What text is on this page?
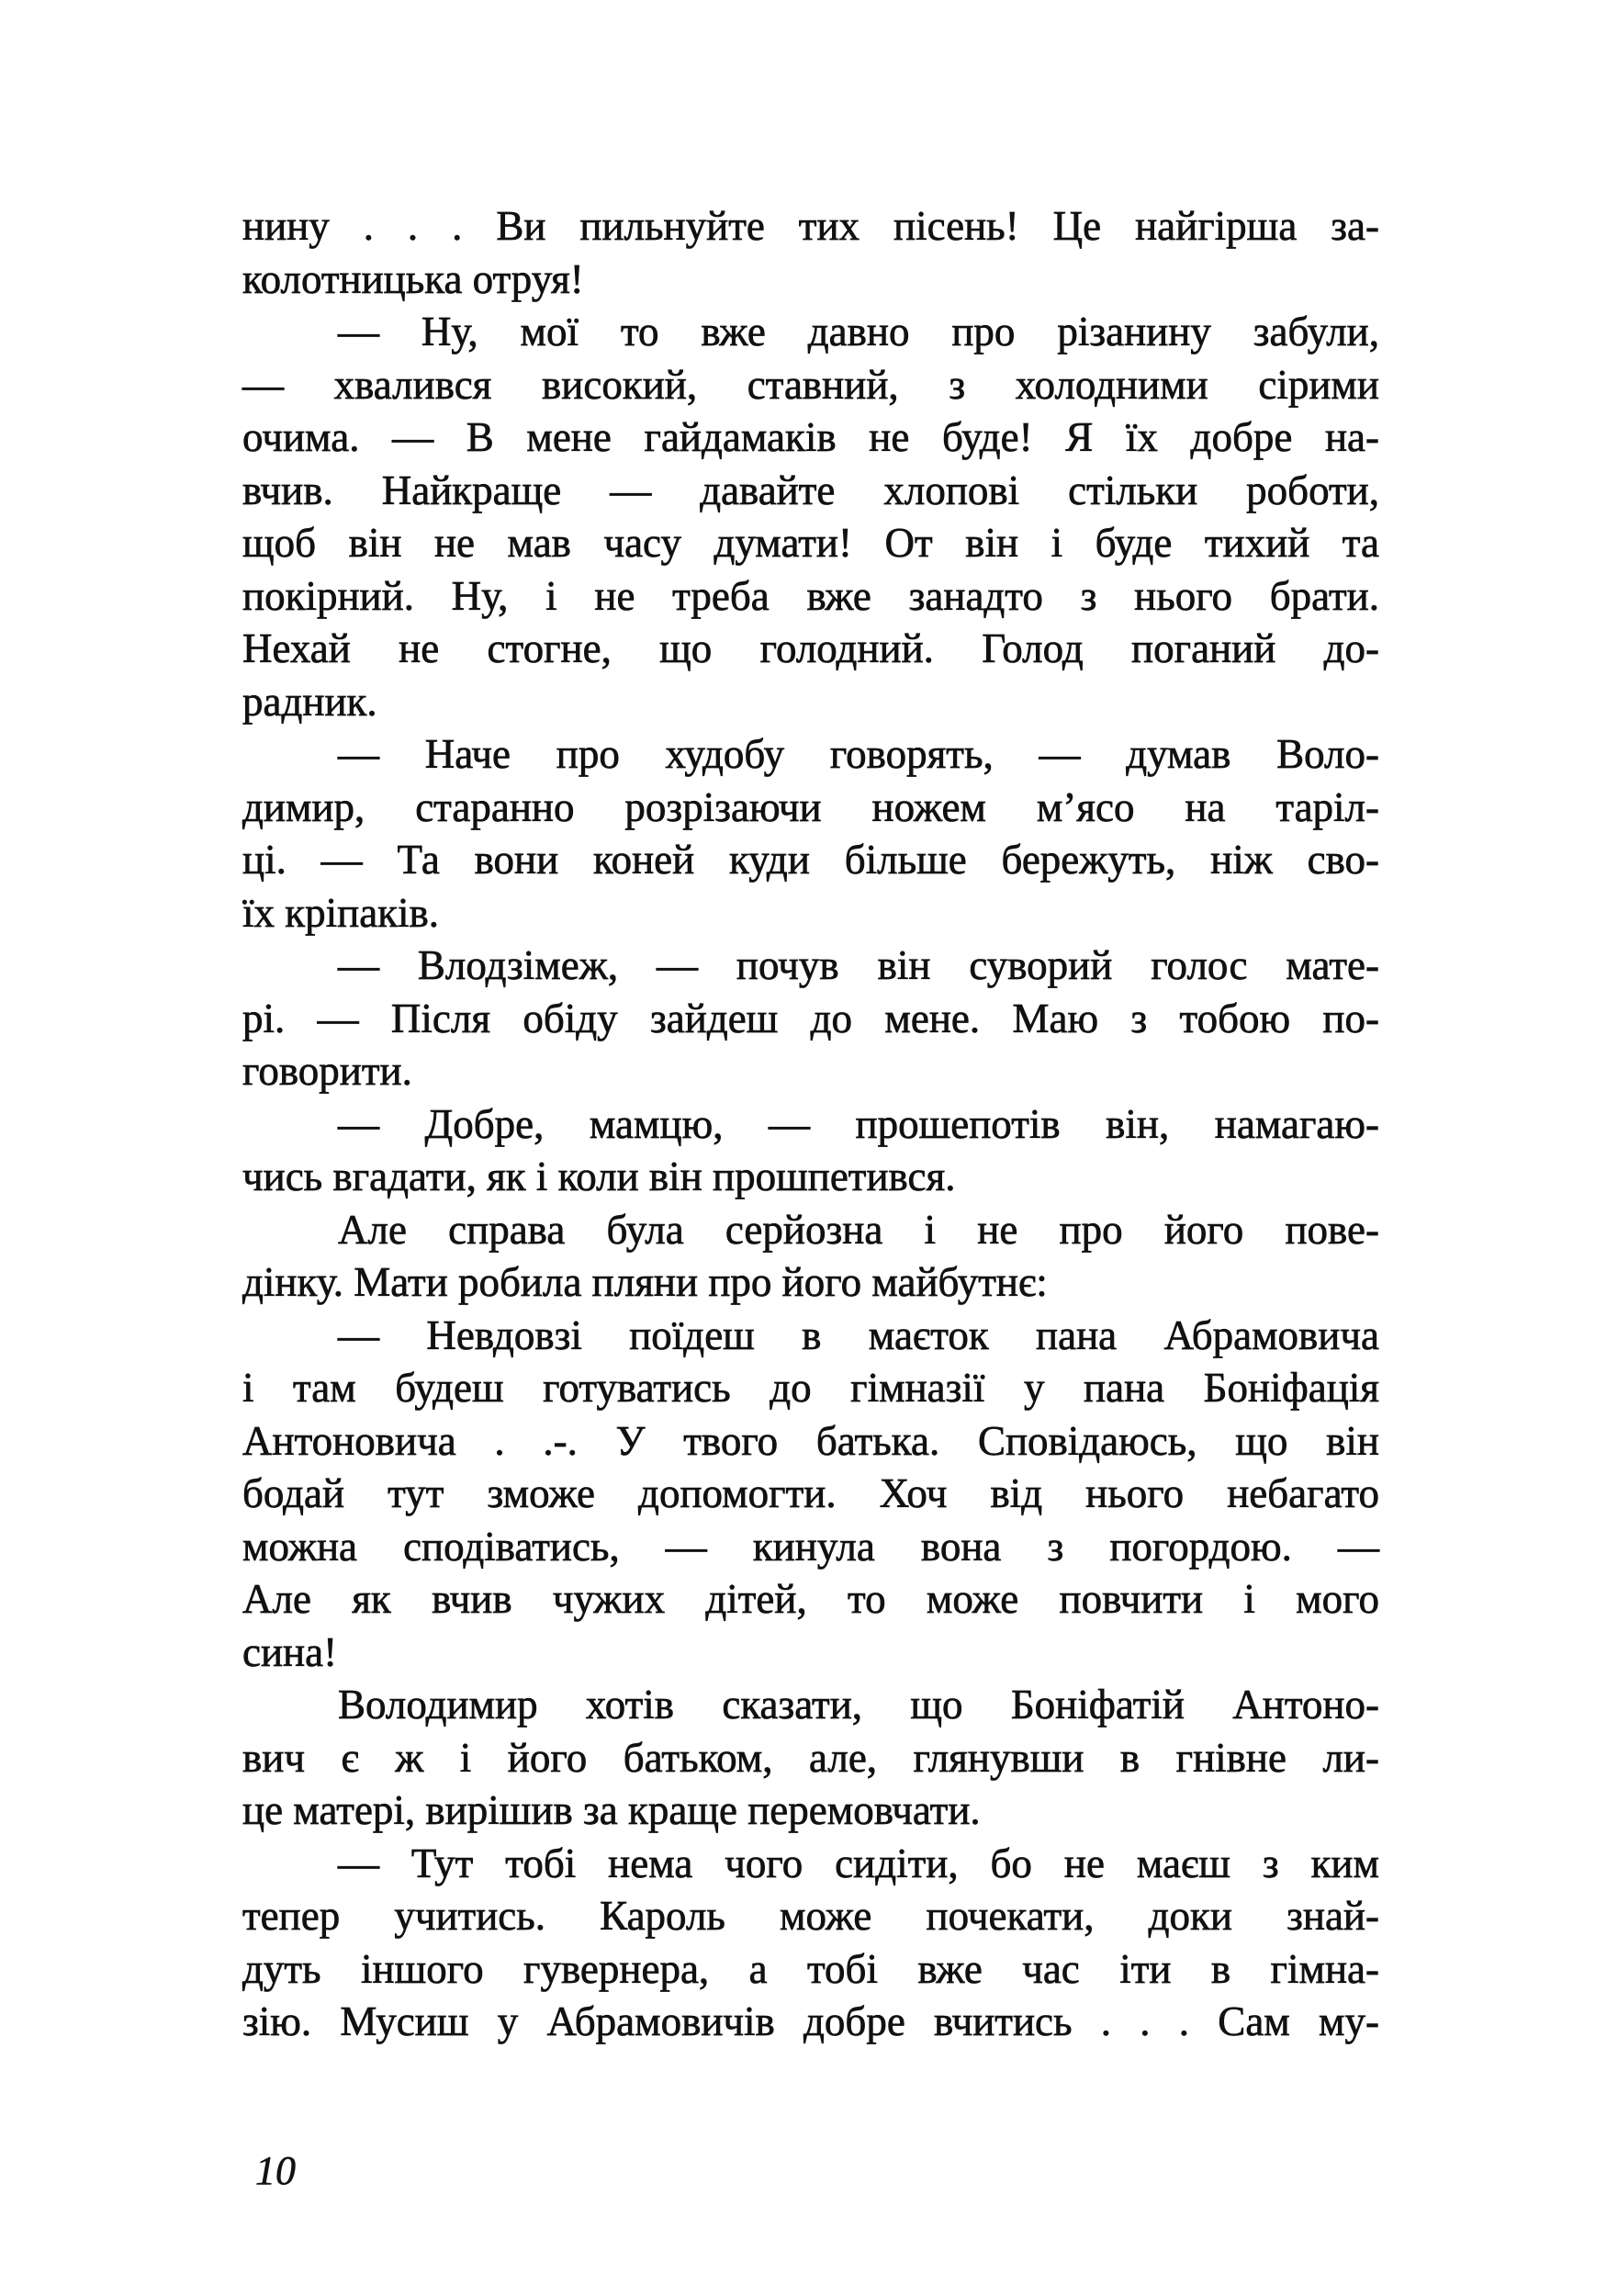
нину . . . Ви пильнуйте тих пісень! Це найгірша за-
колотницька отруя!
— Ну, мої то вже давно про різанину забули,
— хвалився високий, ставний, з холодними сірими
очима. — В мене гайдамаків не буде! Я їх добре на-
вчив. Найкраще — давайте хлопові стільки роботи,
щоб він не мав часу думати! От він і буде тихий та
покірний. Ну, і не треба вже занадто з нього брати.
Нехай не стогне, що голодний. Голод поганий до-
радник.
— Наче про худобу говорять, — думав Воло-
димир, старанно розрізаючи ножем м’ясо на таріл-
ці. — Та вони коней куди більше бережуть, ніж сво-
їх кріпаків.
— Влодзімеж, — почув він суворий голос мате-
рі. — Після обіду зайдеш до мене. Маю з тобою по-
говорити.
— Добре, мамцю, — прошепотів він, намагаю-
чись вгадати, як і коли він прошпетився.
Але справа була серйозна і не про його пове-
дінку. Мати робила пляни про його майбутнє:
— Невдовзі поїдеш в маєток пана Абрамовича
і там будеш готуватись до гімназії у пана Боніфація
Антоновича . .-. У твого батька. Сповідаюсь, що він
бодай тут зможе допомогти. Хоч від нього небагато
можна сподіватись, — кинула вона з погордою. —
Але як вчив чужих дітей, то може повчити і мого
сина!
Володимир хотів сказати, що Боніфатій Антоно-
вич є ж і його батьком, але, глянувши в гнівне ли-
це матері, вирішив за краще перемовчати.
— Тут тобі нема чого сидіти, бо не маєш з ким
тепер учитись. Кароль може почекати, доки знай-
дуть іншого гувернера, а тобі вже час іти в гімна-
зію. Мусиш у Абрамовичів добре вчитись . . . Сам му-
10
